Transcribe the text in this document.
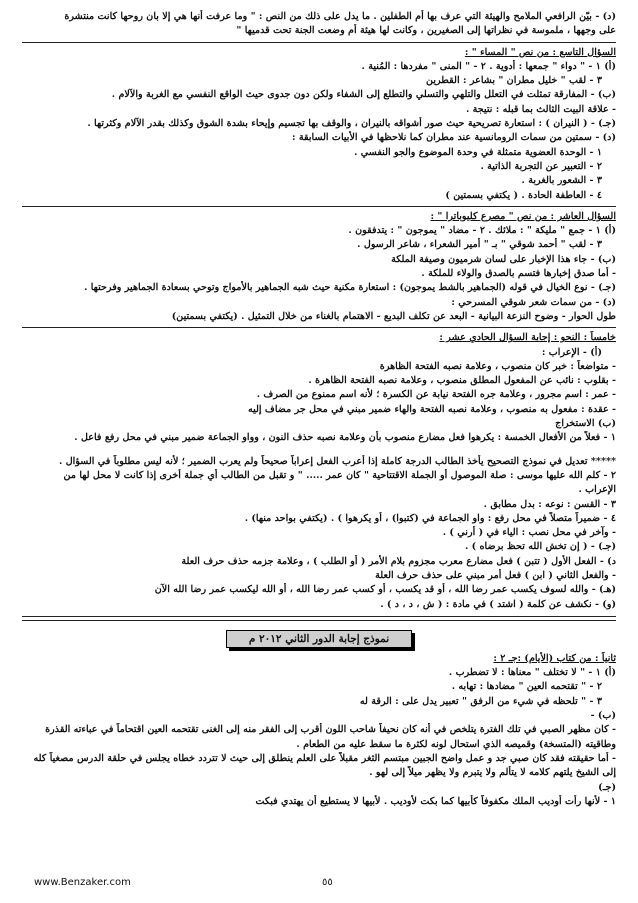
(د) - بيّن الرافعي الملامح والهيئة التي عرف بها أم الطفلين . ما يدل على ذلك من النص : " وما عرفت أنها هي إلا بان روحها كانت منتشرة
على وجهها ، ملموسة في نظراتها إلى الصغيرين ، وكانت لها هيئة أم وضعت الجنة تحت قدميها "
السؤال التاسع : من نص " المساء " :
(أ) ١ - " دواء " جمعها : أدوية . ٢ - " المنى " مفردها : المُنية .
٣ - لقب " خليل مطران " بشاعر : القطرين
(ب) - المفارقة تمثلت في التعلل والتلهي والتسلي والتطلع إلى الشفاء ولكن دون جدوى حيث الواقع النفسي مع الغربة والآلام .
- علاقة البيت الثالث بما قبله : نتيجة .
(جـ) - ( النيران ) : استعارة تصريحية حيث صور أشواقه بالنيران ، والوقف بها تجسيم وإيحاء بشدة الشوق وكذلك بقدر الآلام وكثرتها .
(د) - سمتين من سمات الرومانسية عند مطران كما نلاحظها في الأبيات السابقة :
١ - الوحدة العضوية متمثلة في وحدة الموضوع والجو النفسي .
٢ - التعبير عن التجربة الذاتية .
٣ - الشعور بالغربة .
٤ - العاطفة الحادة . ( يكتفي بسمتين )
السؤال العاشر : من نص " مصرع كليوباترا " :
(أ) ١ - جمع " مليكة " : ملائك . ٢ - مضاد " يموجون " : يتدفقون .
٣ - لقب " أحمد شوقي " بـ " أمير الشعراء ، شاعر الرسول .
(ب) - جاء هذا الإخبار على لسان شرميون وصيفة الملكة
- أما صدق إخبارها فتسم بالصدق والولاء للملكة .
(جـ) - نوع الخيال في قوله (الجماهير بالشط يموجون) : استعارة مكنية حيث شبه الجماهير بالأمواج وتوحي بسعادة الجماهير وفرحتها .
(د) - من سمات شعر شوقي المسرحي :
طول الحوار - وضوح النزعة البيانية - البعد عن تكلف البديع - الاهتمام بالغناء من خلال التمثيل . (يكتفي بسمتين)
خامساً : النحو : إجابة السؤال الحادي عشر :
(أ) - الإعراب :
- متواضعاً : خبر كان منصوب ، وعلامة نصبه الفتحة الظاهرة
- بقلوب : نائب عن المفعول المطلق منصوب ، وعلامة نصبه الفتحة الظاهرة .
- عمر : اسم مجرور ، وعلامة جره الفتحة نيابة عن الكسرة ؛ لأنه اسم ممنوع من الصرف .
- عقدة : مفعول به منصوب ، وعلامة نصبه الفتحة والهاء ضمير مبني في محل جر مضاف إليه
(ب) الاستخراج
١ - فعلاً من الأفعال الخمسة : يكرهوا فعل مضارع منصوب بأن وعلامة نصبه حذف النون ، وواو الجماعة ضمير مبني في محل رفع فاعل .
***** تعديل في نموذج التصحيح يأخذ الطالب الدرجة كاملة إذا أعرب الفعل إعراباً صحيحاً ولم يعرب الضمير ؛ لأنه ليس مطلوباً في السؤال .
٢ - كلم الله عليها موسى : صلة الموصول أو الجملة الاقتتاحية " كان عمر ..... " و تقبل من الطالب أي جملة أخرى إذا كانت لا محل لها من
الإعراب .
٣ - القسن : نوعه : بدل مطابق .
٤ - ضميراً متصلاً في محل رفع : واو الجماعة في (كتبوا) ، أو يكرهوا ) . (يكتفي بواحد منها) .
- وآخر في محل نصب : الياء في ( أرني ) .
(جـ) - ( إن تخش الله تحظ برضاه ) .
د) - الفعل الأول ( تتبن ) فعل مضارع معرب مجزوم بلام الأمر ( أو الطلب ) ، وعلامة جزمه حذف حرف العلة
- والفعل الثاني ( ابن ) فعل أمر مبني على حذف حرف العلة
(هـ) - والله لسوف يكسب عمر رضا الله ، أو قد يكسب ، أو كسب عمر رضا الله ، أو الله ليكسب عمر رضا الله الآن
(و) - نكشف عن كلمة ( اشتد ) في مادة : ( ش ، د ، د ) .
نموذج إجابة الدور الثاني ٢٠١٢ م
ثانياً : من كتاب (الأيام) :جـ ٢ :
(أ) ١ - " لا تختلف " معناها : لا تضطرب .
٢ - " تقتحمه العين " مضادها : تهابه .
٣ - " تلحظه في شيء من الرفق " تعبير يدل على : الرقة له
(ب) -
- كان مظهر الصبي في تلك الفترة يتلخص في أنه كان نحيفاً شاحب اللون أقرب إلى الفقر منه إلى الغنى تقتحمه العين اقتحاماً في عباءته القذرة
وطاقيته (المتسخة) وقميصه الذي استحال لونه لكثرة ما سقط عليه من الطعام .
- أما حقيقته فقد كان صبي جد و عمل واضح الجبين مبتسم الثغر مقبلاً على العلم ينطلق إلى حيث لا تتردد خطاه يجلس في حلقة الدرس مصغياً كله
إلى الشيخ يلتهم كلامه لا يتألم ولا يتبرم ولا يظهر ميلاً إلى لهو .
(جـ)
١ - لأنها رأت أوديب الملك مكفوفاً كأبيها كما بكت لأوديب . لأبيها لا يستطيع أن يهتدي فبكت
www.Benzaker.com	٥٥
